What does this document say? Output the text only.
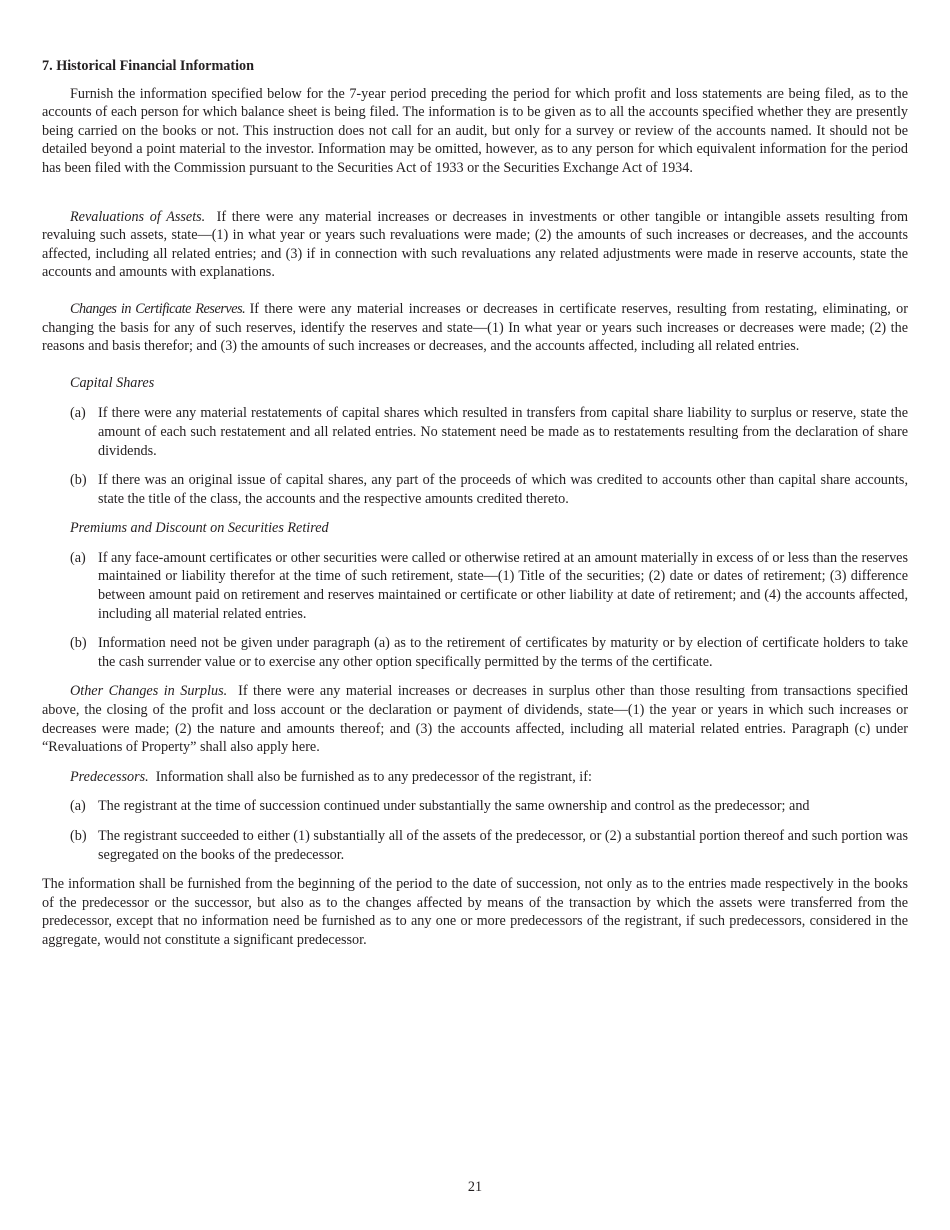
7. Historical Financial Information

Furnish the information specified below for the 7-year period preceding the period for which profit and loss statements are being filed, as to the accounts of each person for which balance sheet is being filed. The information is to be given as to all the accounts specified whether they are presently being carried on the books or not. This instruction does not call for an audit, but only for a survey or review of the accounts named. It should not be detailed beyond a point material to the investor. Information may be omitted, however, as to any person for which equivalent information for the period has been filed with the Commission pursuant to the Securities Act of 1933 or the Securities Exchange Act of 1934.

Revaluations of Assets. If there were any material increases or decreases in investments or other tangible or intangible assets resulting from revaluing such assets, state—(1) in what year or years such revaluations were made; (2) the amounts of such increases or decreases, and the accounts affected, including all related entries; and (3) if in connection with such revaluations any related adjustments were made in reserve accounts, state the accounts and amounts with explanations.

Changes in Certificate Reserves. If there were any material increases or decreases in certificate reserves, resulting from restating, eliminating, or changing the basis for any of such reserves, identify the reserves and state—(1) In what year or years such increases or decreases were made; (2) the reasons and basis therefor; and (3) the amounts of such increases or decreases, and the accounts affected, including all related entries.

Capital Shares

(a) If there were any material restatements of capital shares which resulted in transfers from capital share liability to surplus or reserve, state the amount of each such restatement and all related entries. No statement need be made as to restatements resulting from the declaration of share dividends.
(b) If there was an original issue of capital shares, any part of the proceeds of which was credited to accounts other than capital share accounts, state the title of the class, the accounts and the respective amounts credited thereto.

Premiums and Discount on Securities Retired

(a) If any face-amount certificates or other securities were called or otherwise retired at an amount materially in excess of or less than the reserves maintained or liability therefor at the time of such retirement, state—(1) Title of the securities; (2) date or dates of retirement; (3) difference between amount paid on retirement and reserves maintained or certificate or other liability at date of retirement; and (4) the accounts affected, including all material related entries.
(b) Information need not be given under paragraph (a) as to the retirement of certificates by maturity or by election of certificate holders to take the cash surrender value or to exercise any other option specifically permitted by the terms of the certificate.

Other Changes in Surplus. If there were any material increases or decreases in surplus other than those resulting from transactions specified above, the closing of the profit and loss account or the declaration or payment of dividends, state—(1) the year or years in which such increases or decreases were made; (2) the nature and amounts thereof; and (3) the accounts affected, including all material related entries. Paragraph (c) under “Revaluations of Property” shall also apply here.

Predecessors. Information shall also be furnished as to any predecessor of the registrant, if:

(a) The registrant at the time of succession continued under substantially the same ownership and control as the predecessor; and
(b) The registrant succeeded to either (1) substantially all of the assets of the predecessor, or (2) a substantial portion thereof and such portion was segregated on the books of the predecessor.

The information shall be furnished from the beginning of the period to the date of succession, not only as to the entries made respectively in the books of the predecessor or the successor, but also as to the changes affected by means of the transaction by which the assets were transferred from the predecessor, except that no information need be furnished as to any one or more predecessors of the registrant, if such predecessors, considered in the aggregate, would not constitute a significant predecessor.

21
